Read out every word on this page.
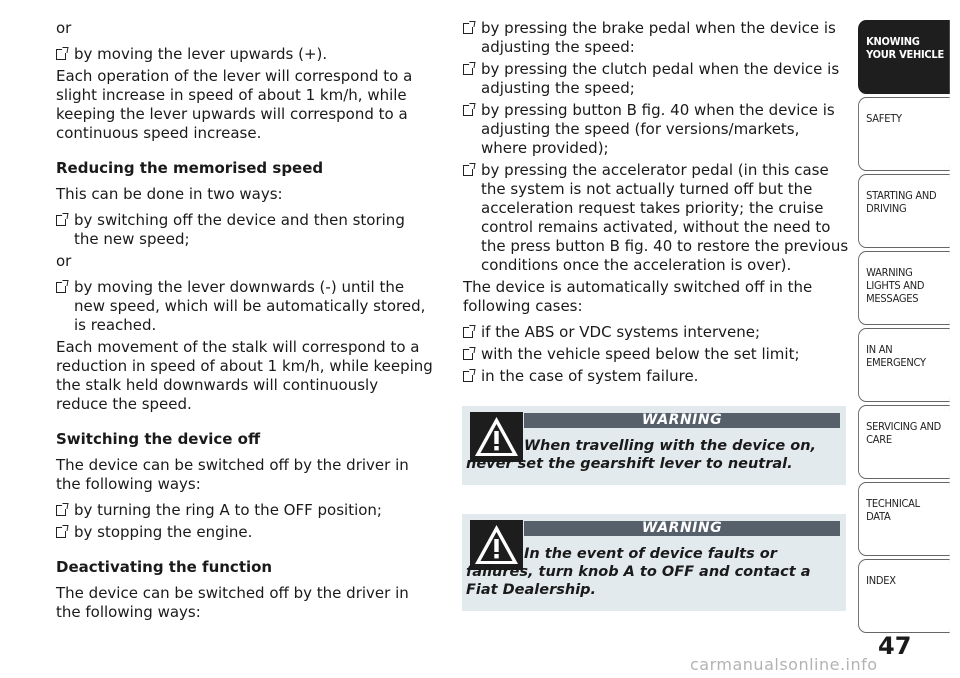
or

by moving the lever upwards (+).

Each operation of the lever will correspond to a slight increase in speed of about 1 km/h, while keeping the lever upwards will correspond to a continuous speed increase.

Reducing the memorised speed

This can be done in two ways:

by switching off the device and then storing the new speed;

or

by moving the lever downwards (-) until the new speed, which will be automatically stored, is reached.

Each movement of the stalk will correspond to a reduction in speed of about 1 km/h, while keeping the stalk held downwards will continuously reduce the speed.

Switching the device off

The device can be switched off by the driver in the following ways:

by turning the ring A to the OFF position;

by stopping the engine.

Deactivating the function

The device can be switched off by the driver in the following ways:

by pressing the brake pedal when the device is adjusting the speed:

by pressing the clutch pedal when the device is adjusting the speed;

by pressing button B fig. 40 when the device is adjusting the speed (for versions/markets, where provided);

by pressing the accelerator pedal (in this case the system is not actually turned off but the acceleration request takes priority; the cruise control remains activated, without the need to the press button B fig. 40 to restore the previous conditions once the acceleration is over).

The device is automatically switched off in the following cases:

if the ABS or VDC systems intervene;

with the vehicle speed below the set limit;

in the case of system failure.

WARNING
When travelling with the device on, never set the gearshift lever to neutral.
WARNING
In the event of device faults or failures, turn knob A to OFF and contact a Fiat Dealership.
KNOWING YOUR VEHICLE
SAFETY
STARTING AND DRIVING
WARNING LIGHTS AND MESSAGES
IN AN EMERGENCY
SERVICING AND CARE
TECHNICAL DATA
INDEX
47
carmanualsonline.info
